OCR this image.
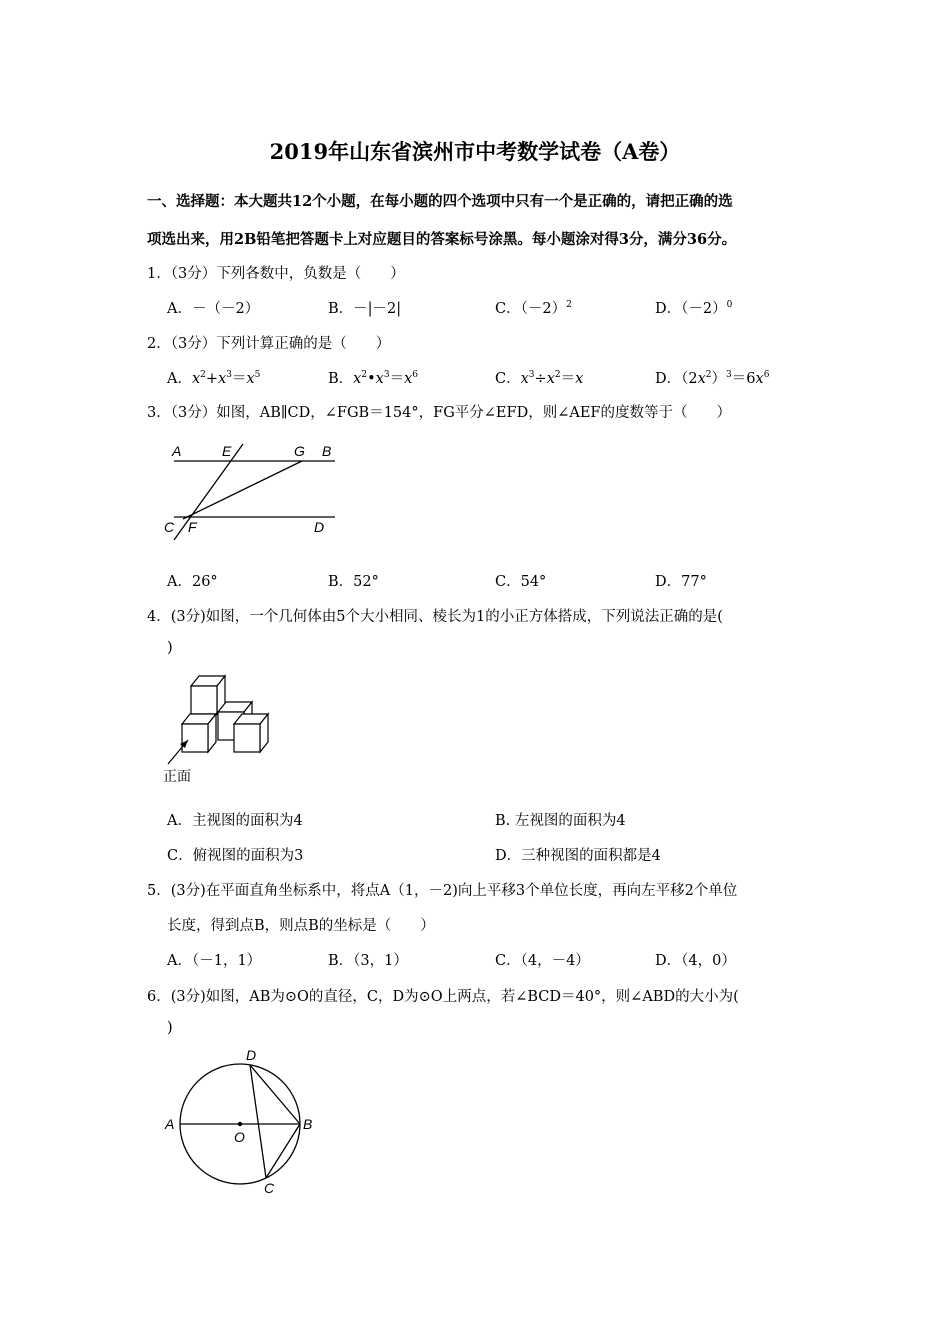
2019年山东省滨州市中考数学试卷（A卷）
一、选择题：本大题共12个小题，在每小题的四个选项中只有一个是正确的，请把正确的选
项选出来，用2B铅笔把答题卡上对应题目的答案标号涂黑。每小题涂对得3分，满分36分。
1．（3分）下列各数中，负数是（　　）
A．－（－2）	B．－|－2|	C．$(-2)^2$	D．$(-2)^0$
2．（3分）下列计算正确的是（　　）
A．$x^2+x^3=x^5$	B．$x^2•x^3=x^6$	C．$x^3\div x^2=x$	D．$(2x^2)^3=6x^6$
3．（3分）如图，AB∥CD，∠FGB＝154°，FG平分∠EFD，则∠AEF的度数等于（　　）
A	E	G B
C F	D
A．26°	B．52°	C．54°	D．77°
4．(3分)如图，一个几何体由5个大小相同、棱长为1的小正方体搭成，下列说法正确的是(
)
正面
A．主视图的面积为4	B. 左视图的面积为4
C．俯视图的面积为3	D．三种视图的面积都是4
5．(3分)在平面直角坐标系中，将点A（1，－2)向上平移3个单位长度，再向左平移2个单位
长度，得到点B，则点B的坐标是（　　）
A．（－1，1）	B．（3，1）	C．（4，－4）	D．（4，0）
6．(3分)如图，AB为⊙O的直径，C，D为⊙O上两点，若∠BCD＝40°，则∠ABD的大小为(
)
A	B
C
D
O
